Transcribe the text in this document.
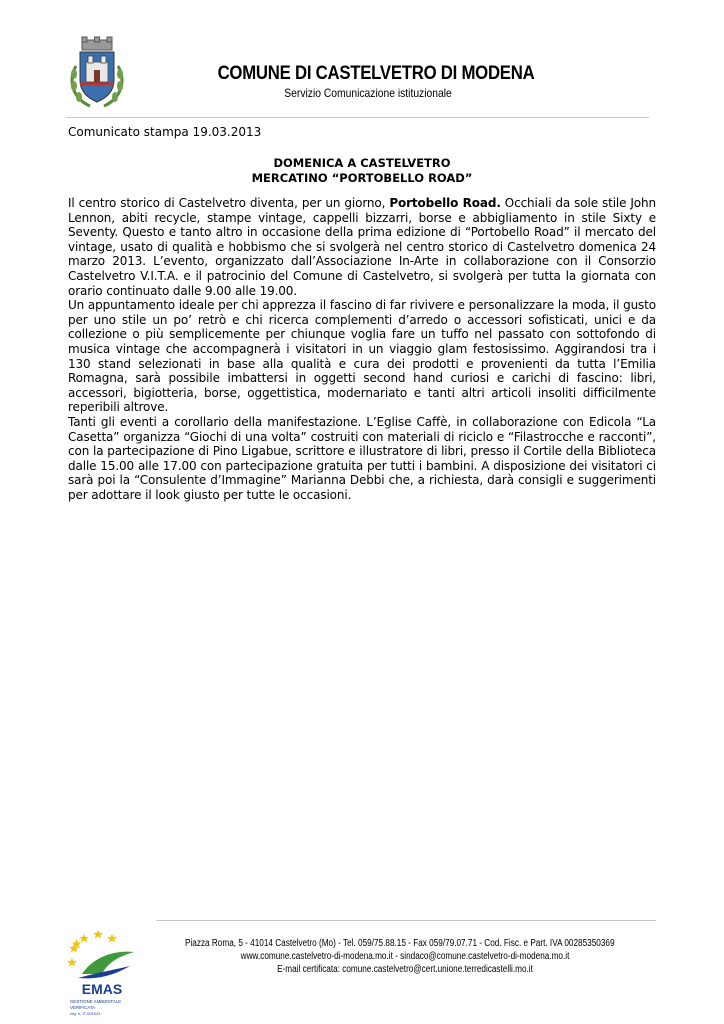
COMUNE DI CASTELVETRO DI MODENA
Servizio Comunicazione istituzionale
Comunicato stampa 19.03.2013
DOMENICA A CASTELVETRO
MERCATINO “PORTOBELLO ROAD”

Il centro storico di Castelvetro diventa, per un giorno, Portobello Road. Occhiali da sole stile John Lennon, abiti recycle, stampe vintage, cappelli bizzarri, borse e abbigliamento in stile Sixty e Seventy. Questo e tanto altro in occasione della prima edizione di “Portobello Road” il mercato del vintage, usato di qualità e hobbismo che si svolgerà nel centro storico di Castelvetro domenica 24 marzo 2013. L’evento, organizzato dall’Associazione In-Arte in collaborazione con il Consorzio Castelvetro V.I.T.A. e il patrocinio del Comune di Castelvetro, si svolgerà per tutta la giornata con orario continuato dalle 9.00 alle 19.00.

Un appuntamento ideale per chi apprezza il fascino di far rivivere e personalizzare la moda, il gusto per uno stile un po’ retrò e chi ricerca complementi d’arredo o accessori sofisticati, unici e da collezione o più semplicemente per chiunque voglia fare un tuffo nel passato con sottofondo di musica vintage che accompagnerà i visitatori in un viaggio glam festosissimo. Aggirandosi tra i 130 stand selezionati in base alla qualità e cura dei prodotti e provenienti da tutta l’Emilia Romagna, sarà possibile imbattersi in oggetti second hand curiosi e carichi di fascino: libri, accessori, bigiotteria, borse, oggettistica, modernariato e tanti altri articoli insoliti difficilmente reperibili altrove.

Tanti gli eventi a corollario della manifestazione. L’Eglise Caffè, in collaborazione con Edicola “La Casetta” organizza “Giochi di una volta” costruiti con materiali di riciclo e “Filastrocche e racconti”, con la partecipazione di Pino Ligabue, scrittore e illustratore di libri, presso il Cortile della Biblioteca dalle 15.00 alle 17.00 con partecipazione gratuita per tutti i bambini. A disposizione dei visitatori ci sarà poi la “Consulente d’Immagine” Marianna Debbi che, a richiesta, darà consigli e suggerimenti per adottare il look giusto per tutte le occasioni.

EMAS
GESTIONE AMBIENTALE
VERIFICATA
reg. n. IT-001024
Piazza Roma, 5 - 41014 Castelvetro (Mo) - Tel. 059/75.88.15 - Fax 059/79.07.71 - Cod. Fisc. e Part. IVA 00285350369
www.comune.castelvetro-di-modena.mo.it - sindaco@comune.castelvetro-di-modena.mo.it
E-mail certificata: comune.castelvetro@cert.unione.terredicastelli.mo.it
